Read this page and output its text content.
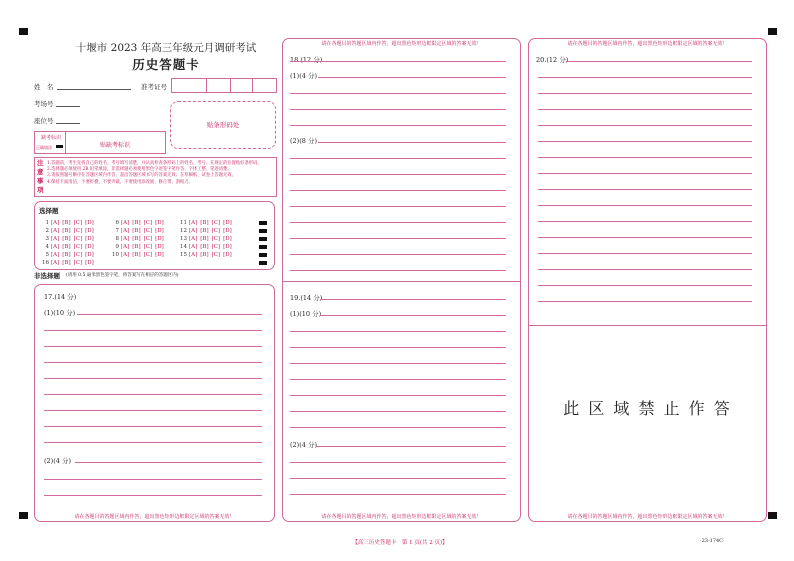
十堰市 2023 年高三年级元月调研考试
历史答题卡
姓　名	准考证号
考场号
座位号	贴条形码处
缺考标识
正确填涂	贴缺考标识
注
意
事
项
1.答题前，考生先将自己的姓名、考号填写清楚，并认真检查条形码上的姓名、考号，在规定的位置贴好条形码。
2.选择题必须使用 2B 铅笔填涂，非选择题必须使用黑色字迹签字笔作答，字体工整、笔迹清楚。
3.请按照题号顺序在答题区域内作答，超出答题区域书写的答案无效；在草稿纸、试卷上答题无效。
4.保持卡面清洁，不要折叠，不要弄破，不要使用涂改液、修正带、刮纸刀。
选择题
1 [A] [B] [C] [D]
2 [A] [B] [C] [D]
3 [A] [B] [C] [D]
4 [A] [B] [C] [D]
5 [A] [B] [C] [D]
6 [A] [B] [C] [D]
7 [A] [B] [C] [D]
8 [A] [B] [C] [D]
9 [A] [B] [C] [D]
10 [A] [B] [C] [D]
11 [A] [B] [C] [D]
12 [A] [B] [C] [D]
13 [A] [B] [C] [D]
14 [A] [B] [C] [D]
15 [A] [B] [C] [D]
16 [A] [B] [C] [D]
非选择题 (请用 0.5 毫米黑色签字笔，将答案写在相应的答题区内)
17.(14 分)
(1)(10 分)
(2)(4 分)
请在各题目的答题区域内作答，超出黑色矩形边框限定区域的答案无效！
请在各题目的答题区域内作答，超出黑色矩形边框限定区域的答案无效！
请在各题目的答题区域内作答，超出黑色矩形边框限定区域的答案无效！
18.(12 分)
(1)(4 分)
(2)(8 分)
19.(14 分)
(1)(10 分)
(2)(4 分)
请在各题目的答题区域内作答，超出黑色矩形边框限定区域的答案无效！
请在各题目的答题区域内作答，超出黑色矩形边框限定区域的答案无效！
20.(12 分)
此 区 域 禁 止 作 答
【高三历史答题卡　第 1 页(共 2 页)】	·23-174C·
